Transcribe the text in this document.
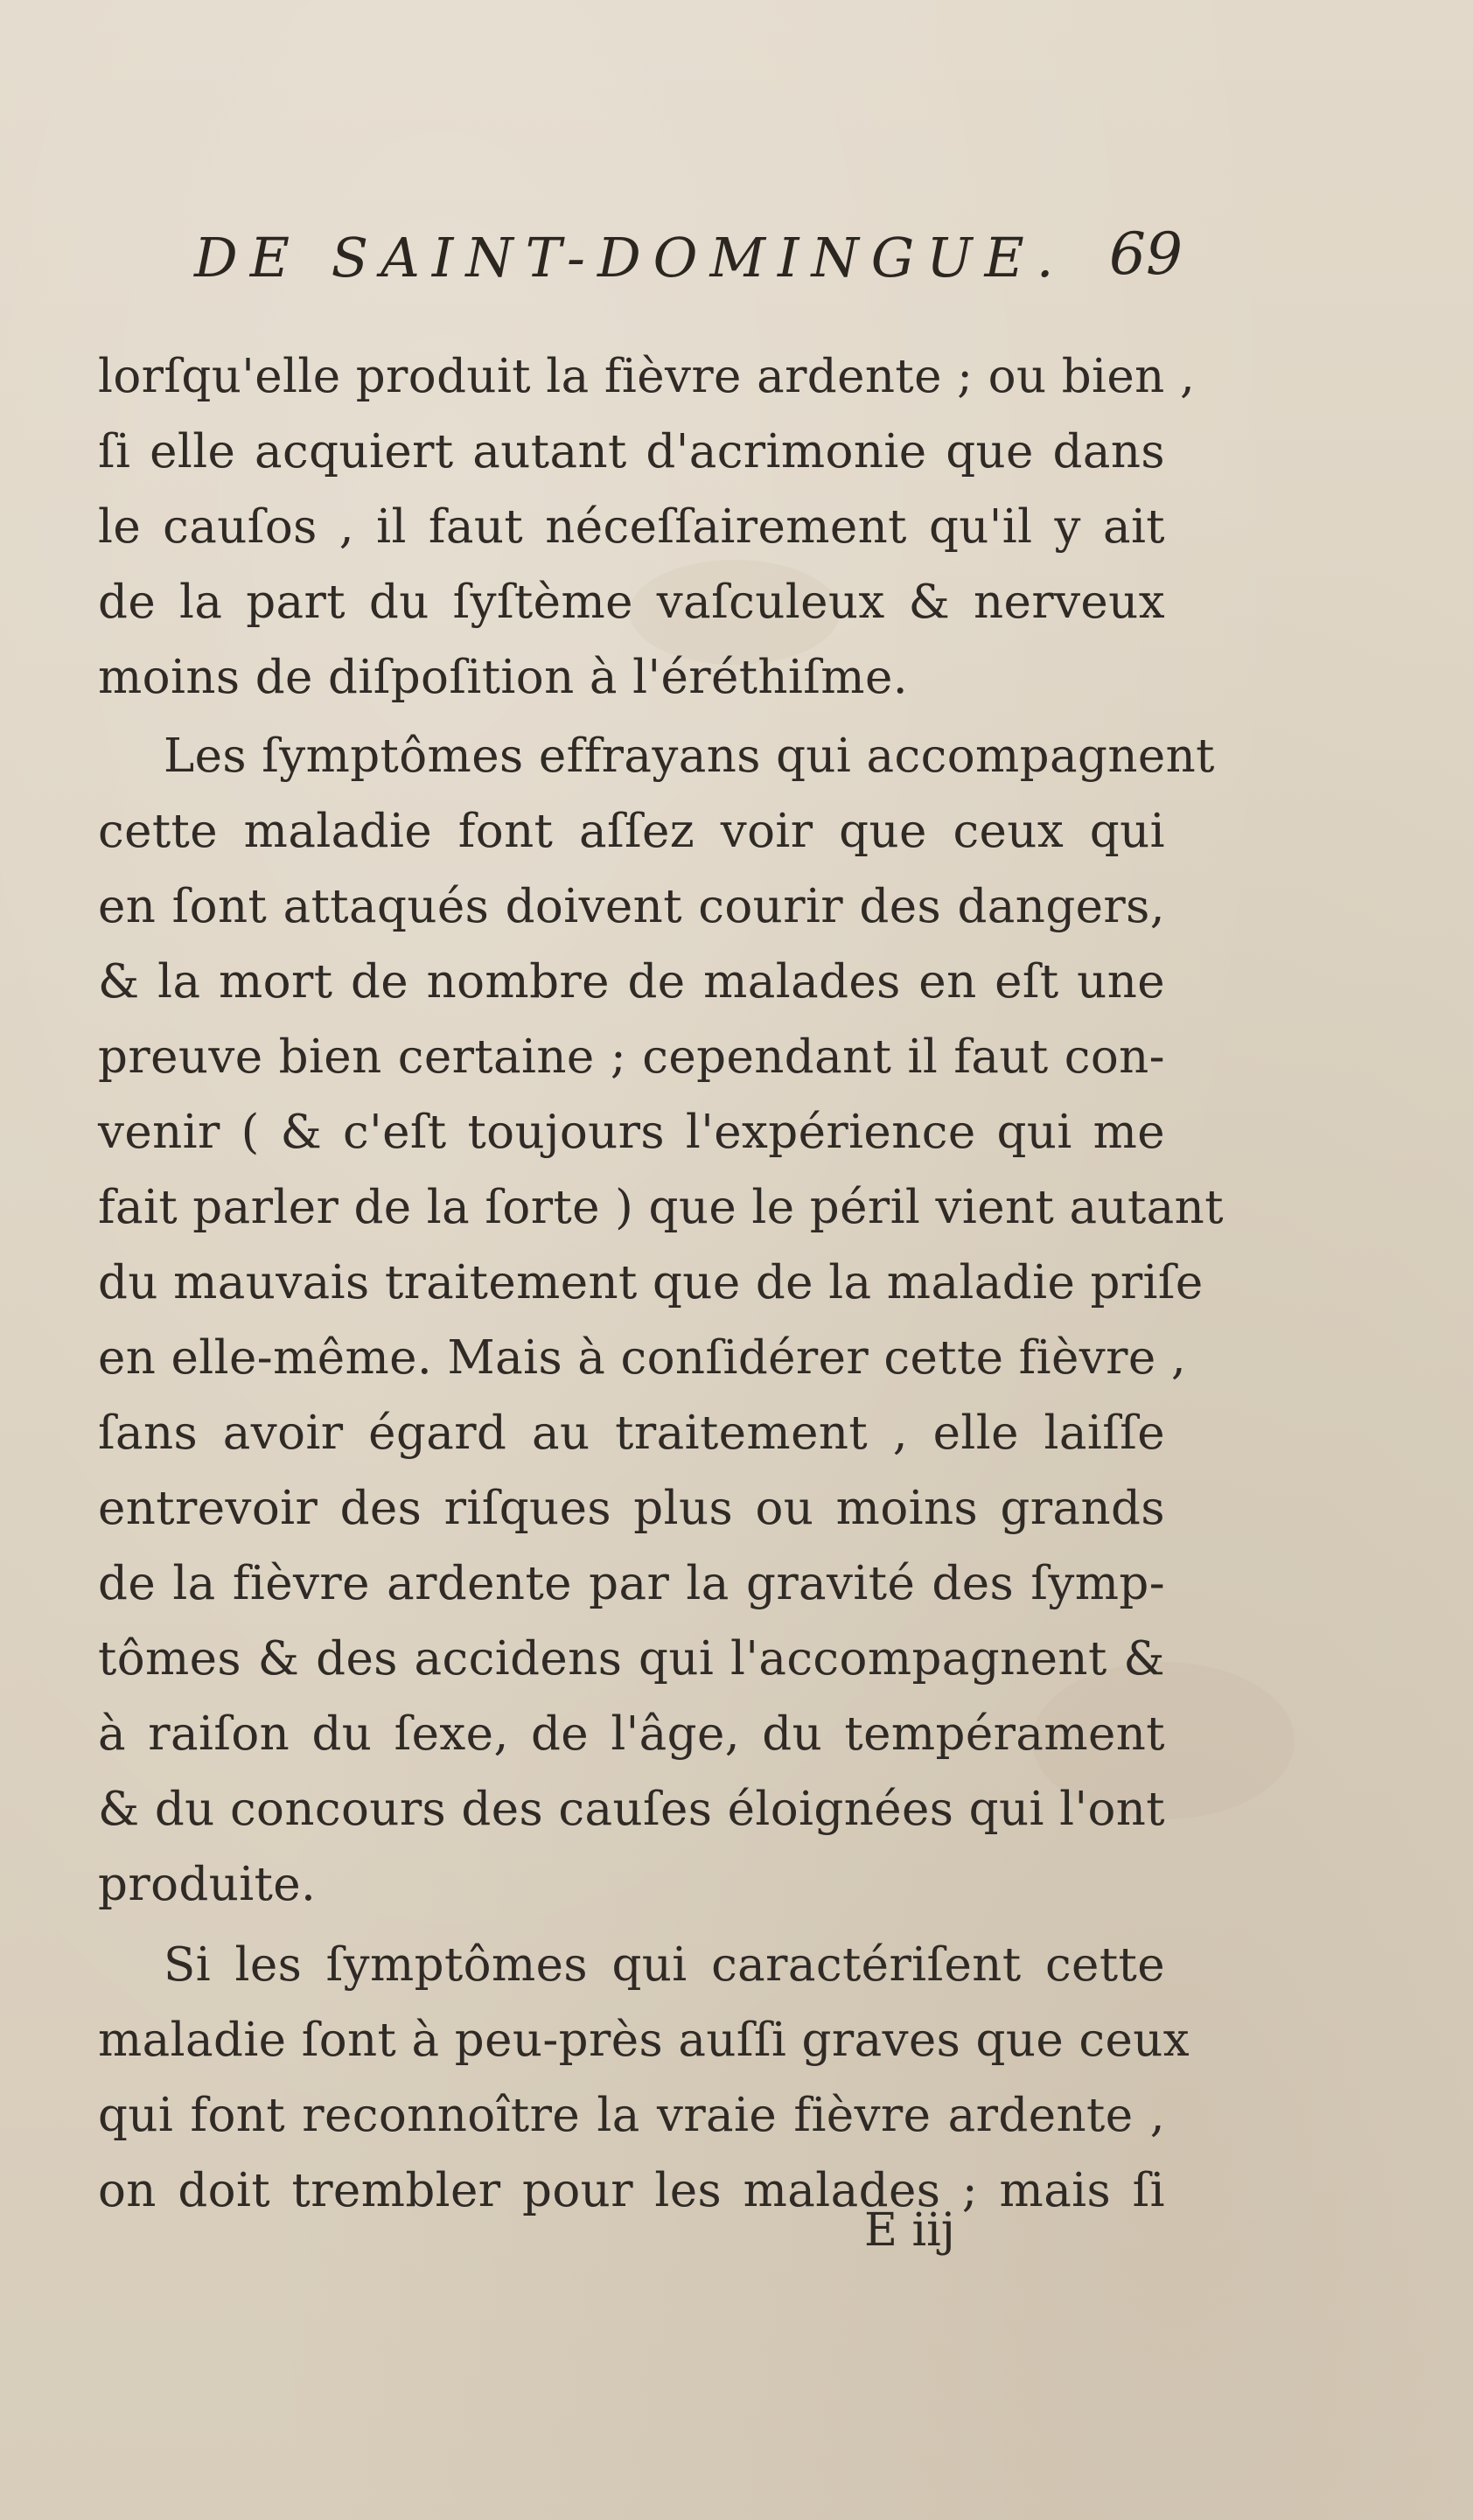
DE SAINT-DOMINGUE. 69
lorſqu'elle produit la fièvre ardente ; ou bien ,
ſi elle acquiert autant d'acrimonie que dans
le cauſos , il faut néceſſairement qu'il y ait
de la part du ſyſtème vaſculeux & nerveux
moins de diſpoſition à l'éréthiſme.
Les ſymptômes effrayans qui accompagnent
cette maladie font aſſez voir que ceux qui
en ſont attaqués doivent courir des dangers,
& la mort de nombre de malades en eſt une
preuve bien certaine ; cependant il faut con-
venir ( & c'eſt toujours l'expérience qui me
fait parler de la ſorte ) que le péril vient autant
du mauvais traitement que de la maladie priſe
en elle-même. Mais à conſidérer cette fièvre ,
ſans avoir égard au traitement , elle laiſſe
entrevoir des riſques plus ou moins grands
de la fièvre ardente par la gravité des ſymp-
tômes & des accidens qui l'accompagnent &
à raiſon du ſexe, de l'âge, du tempérament
& du concours des cauſes éloignées qui l'ont
produite.
Si les ſymptômes qui caractériſent cette
maladie ſont à peu-près auſſi graves que ceux
qui font reconnoître la vraie fièvre ardente ,
on doit trembler pour les malades ; mais ſi
E iij
